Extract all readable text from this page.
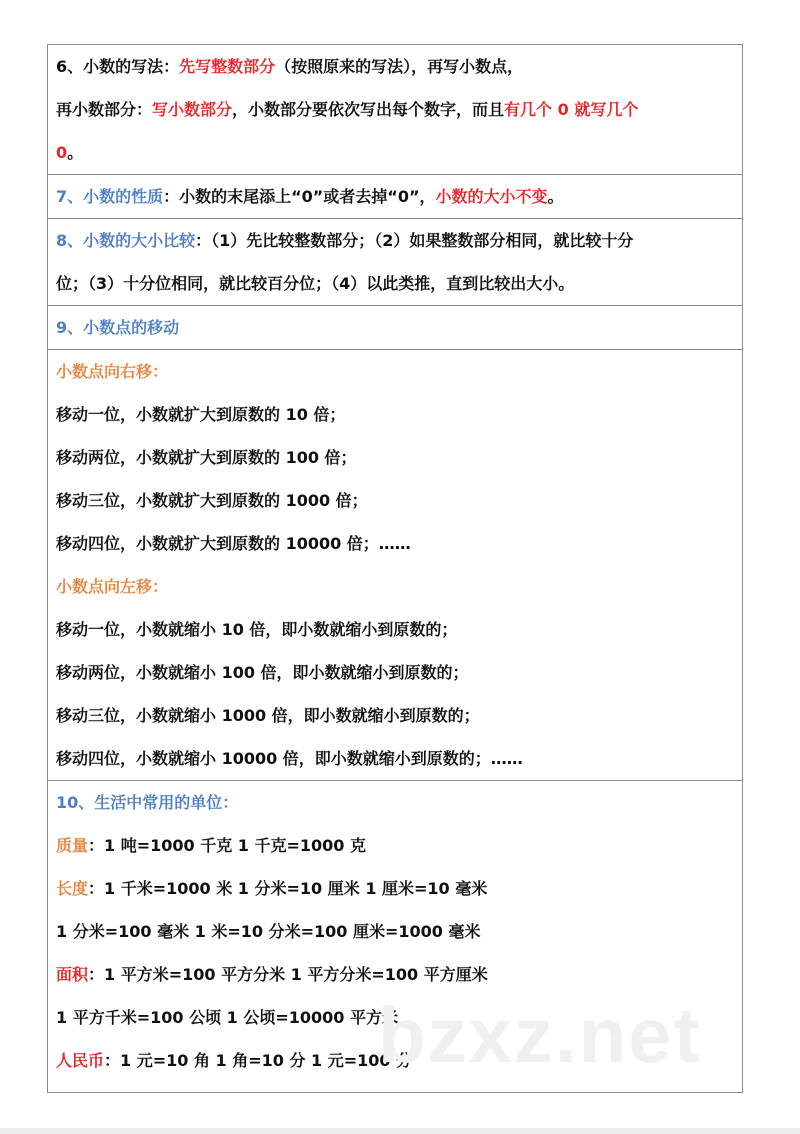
6、小数的写法：先写整数部分（按照原来的写法），再写小数点，
再小数部分：写小数部分，小数部分要依次写出每个数字，而且有几个 0 就写几个
0。
7、小数的性质：小数的末尾添上“0”或者去掉“0”，小数的大小不变。
8、小数的大小比较：（1）先比较整数部分；（2）如果整数部分相同，就比较十分
位；（3）十分位相同，就比较百分位；（4）以此类推，直到比较出大小。
9、小数点的移动
小数点向右移：
移动一位，小数就扩大到原数的 10 倍；
移动两位，小数就扩大到原数的 100 倍；
移动三位，小数就扩大到原数的 1000 倍；
移动四位，小数就扩大到原数的 10000 倍；……
小数点向左移：
移动一位，小数就缩小 10 倍，即小数就缩小到原数的；
移动两位，小数就缩小 100 倍，即小数就缩小到原数的；
移动三位，小数就缩小 1000 倍，即小数就缩小到原数的；
移动四位，小数就缩小 10000 倍，即小数就缩小到原数的；……
10、生活中常用的单位：
质量：1 吨=1000 千克 1 千克=1000 克
长度：1 千米=1000 米 1 分米=10 厘米 1 厘米=10 毫米
1 分米=100 毫米 1 米=10 分米=100 厘米=1000 毫米
面积：1 平方米=100 平方分米 1 平方分米=100 平方厘米
1 平方千米=100 公顷 1 公顷=10000 平方米
人民币：1 元=10 角 1 角=10 分 1 元=100 分
bzxz.net
